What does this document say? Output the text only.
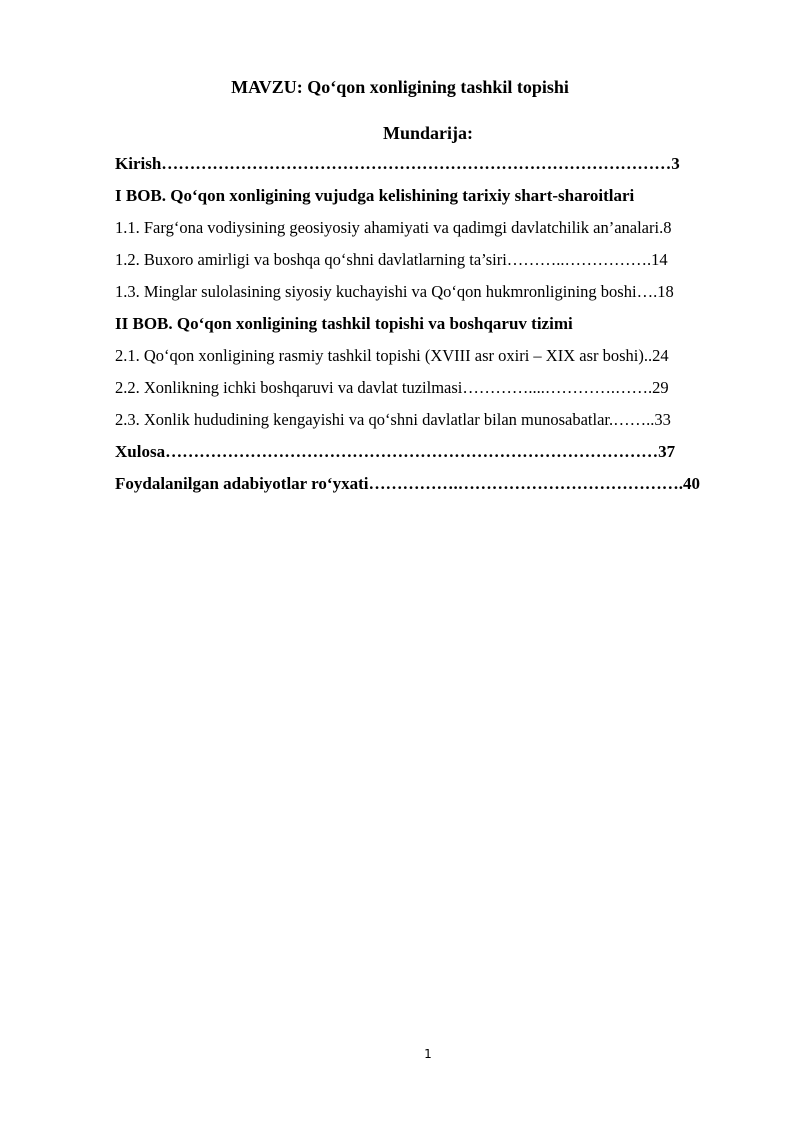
MAVZU: Qo‘qon xonligining tashkil topishi
Mundarija:
Kirish………………………………………………………………………………3
I BOB. Qo‘qon xonligining vujudga kelishining tarixiy shart-sharoitlari
1.1. Farg‘ona vodiysining geosiyosiy ahamiyati va qadimgi davlatchilik an’analari.8
1.2. Buxoro amirligi va boshqa qo‘shni davlatlarning ta’siri………..…………….14
1.3. Minglar sulolasining siyosiy kuchayishi va Qo‘qon hukmronligining boshi….18
II BOB. Qo‘qon xonligining tashkil topishi va boshqaruv tizimi
2.1. Qo‘qon xonligining rasmiy tashkil topishi (XVIII asr oxiri – XIX asr boshi)..24
2.2. Xonlikning ichki boshqaruvi va davlat tuzilmasi…………....………….…….29
2.3. Xonlik hududining kengayishi va qo‘shni davlatlar bilan munosabatlar.……..33
Xulosa……………………………………………………………………………37
Foydalanilgan adabiyotlar ro‘yxati…………….………………………………….40
1
